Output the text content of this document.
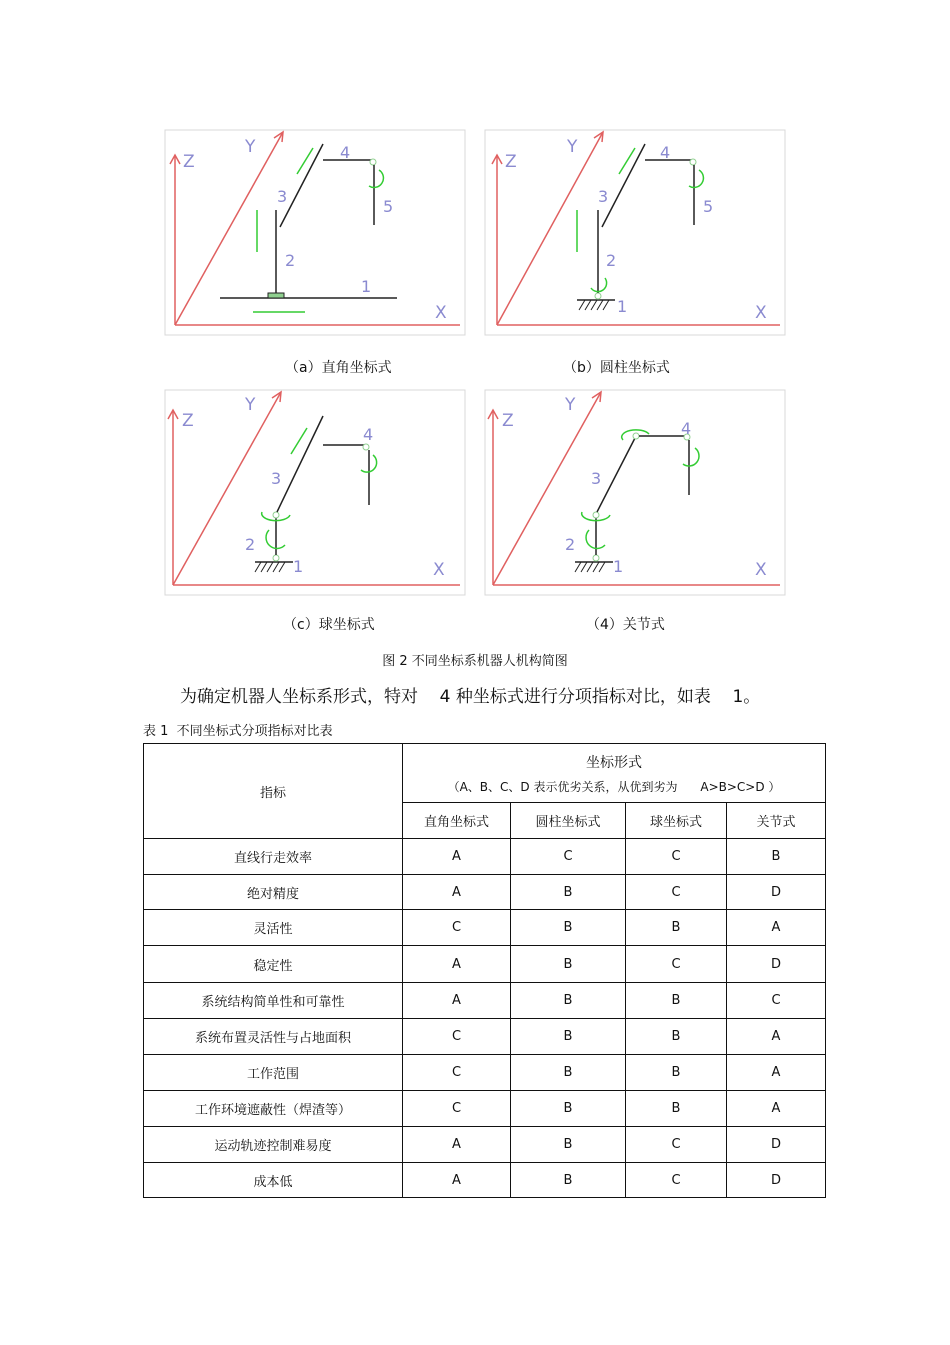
Z
Y
X
1
2
3
4
5
Z
Y
X
1
2
3
4
5
Z
Y
X
1
2
3
4
Z
Y
X
1
2
3
4
（a）直角坐标式	（b）圆柱坐标式
（c）球坐标式	（4）关节式
图 2 不同坐标系机器人机构简图
为确定机器人坐标系形式，特对    4 种坐标式进行分项指标对比，如表    1。
表 1  不同坐标式分项指标对比表
指标	坐标形式
（A、B、C、D 表示优劣关系，从优到劣为      A>B>C>D ）			

	直角坐标式	圆柱坐标式	球坐标式	关节式
直线行走效率	A	C	C	B
绝对精度	A	B	C	D
灵活性	C	B	B	A
稳定性	A	B	C	D
系统结构简单性和可靠性	A	B	B	C
系统布置灵活性与占地面积	C	B	B	A
工作范围	C	B	B	A
工作环境遮蔽性（焊渣等）	C	B	B	A
运动轨迹控制难易度	A	B	C	D
成本低	A	B	C	D
